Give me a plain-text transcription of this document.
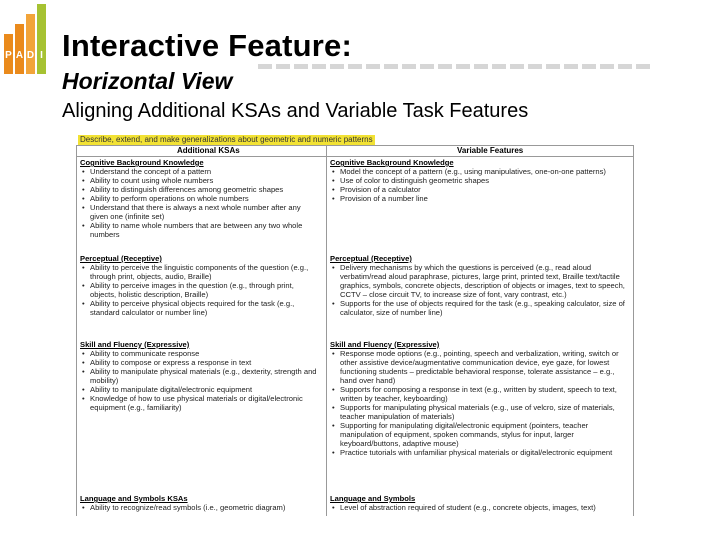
P A D I Interactive Feature:
Horizontal View
Aligning Additional KSAs and Variable Task Features
Describe, extend, and make generalizations about geometric and numeric patterns
Additional KSAs	Variable Features
Cognitive Background Knowledge
• Understand the concept of a pattern
• Ability to count using whole numbers
• Ability to distinguish differences among geometric shapes
• Ability to perform operations on whole numbers
• Understand that there is always a next whole number after any given one (infinite set)
• Ability to name whole numbers that are between any two whole numbers
Cognitive Background Knowledge
• Model the concept of a pattern (e.g., using manipulatives, one-on-one patterns)
• Use of color to distinguish geometric shapes
• Provision of a calculator
• Provision of a number line
Perceptual (Receptive)
• Ability to perceive the linguistic components of the question (e.g., through print, objects, audio, Braille)
• Ability to perceive images in the question (e.g., through print, objects, holistic description, Braille)
• Ability to perceive physical objects required for the task (e.g., standard calculator or number line)
Perceptual (Receptive)
• Delivery mechanisms by which the questions is perceived (e.g., read aloud verbatim/read aloud paraphrase, pictures, large print, printed text, Braille text/tactile graphics, symbols, concrete objects, description of objects or images, text to speech, CCTV – close circuit TV, to increase size of font, vary contrast, etc.)
• Supports for the use of objects required for the task (e.g., speaking calculator, size of calculator, size of number line)
Skill and Fluency (Expressive)
• Ability to communicate response
• Ability to compose or express a response in text
• Ability to manipulate physical materials (e.g., dexterity, strength and mobility)
• Ability to manipulate digital/electronic equipment
• Knowledge of how to use physical materials or digital/electronic equipment (e.g., familiarity)
Skill and Fluency (Expressive)
• Response mode options (e.g., pointing, speech and verbalization, writing, switch or other assistive device/augmentative communication device, eye gaze, for lowest functioning students – predictable behavioral response, tolerate assistance – e.g., hand over hand)
• Supports for composing a response in text (e.g., written by student, speech to text, written by teacher, keyboarding)
• Supports for manipulating physical materials (e.g., use of velcro, size of materials, teacher manipulation of materials)
• Supporting for manipulating digital/electronic equipment (pointers, teacher manipulation of equipment, spoken commands, stylus for input, larger keyboard/buttons, adaptive mouse)
• Practice tutorials with unfamiliar physical materials or digital/electronic equipment
Language and Symbols KSAs
• Ability to recognize/read symbols (i.e., geometric diagram)
Language and Symbols
• Level of abstraction required of student (e.g., concrete objects, images, text)
